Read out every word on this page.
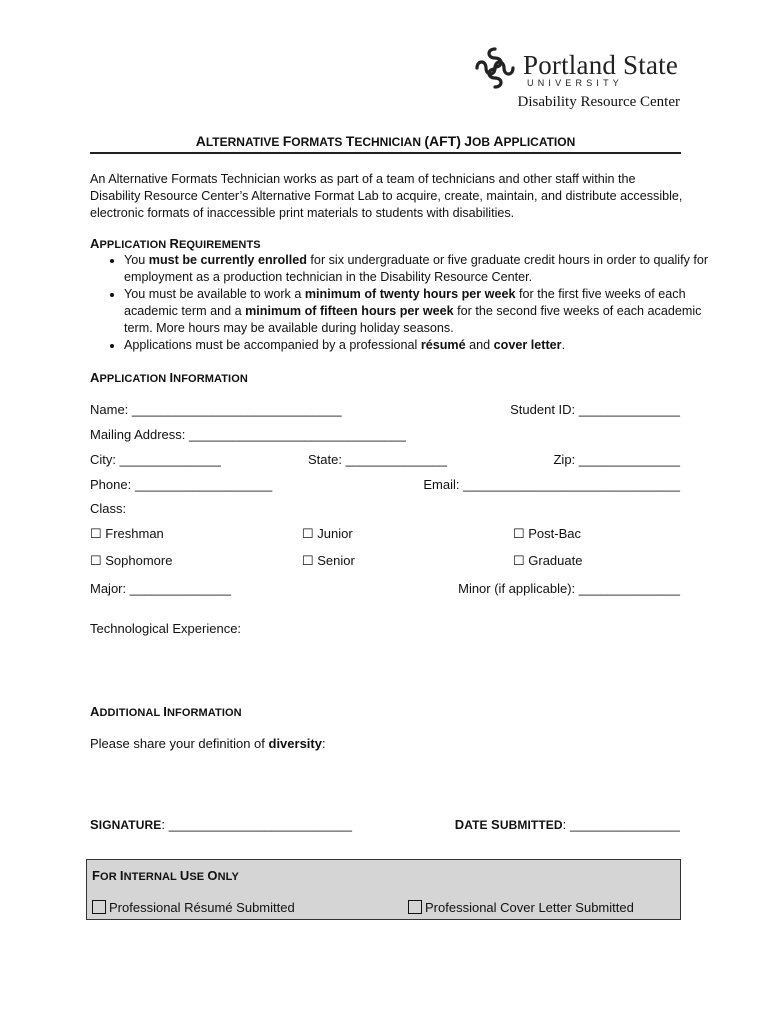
Portland State
UNIVERSITY
Disability Resource Center
ALTERNATIVE FORMATS TECHNICIAN (AFT) JOB APPLICATION
An Alternative Formats Technician works as part of a team of technicians and other staff within the Disability Resource Center’s Alternative Format Lab to acquire, create, maintain, and distribute accessible, electronic formats of inaccessible print materials to students with disabilities.
APPLICATION REQUIREMENTS
• You must be currently enrolled for six undergraduate or five graduate credit hours in order to qualify for employment as a production technician in the Disability Resource Center.
• You must be available to work a minimum of twenty hours per week for the first five weeks of each academic term and a minimum of fifteen hours per week for the second five weeks of each academic term. More hours may be available during holiday seasons.
• Applications must be accompanied by a professional résumé and cover letter.
APPLICATION INFORMATION
Name: _____________________________	Student ID: ______________
Mailing Address: ______________________________
City: ______________	State: ______________	Zip: ______________
Phone: ___________________	Email: ______________________________
Class:
☐ Freshman	☐ Junior	☐ Post-Bac
☐ Sophomore	☐ Senior	☐ Graduate
Major: ______________	Minor (if applicable): ______________
Technological Experience:
ADDITIONAL INFORMATION
Please share your definition of diversity:
SIGNATURE: _________________________	DATE SUBMITTED: _______________
FOR INTERNAL USE ONLY
Professional Résumé Submitted	Professional Cover Letter Submitted
